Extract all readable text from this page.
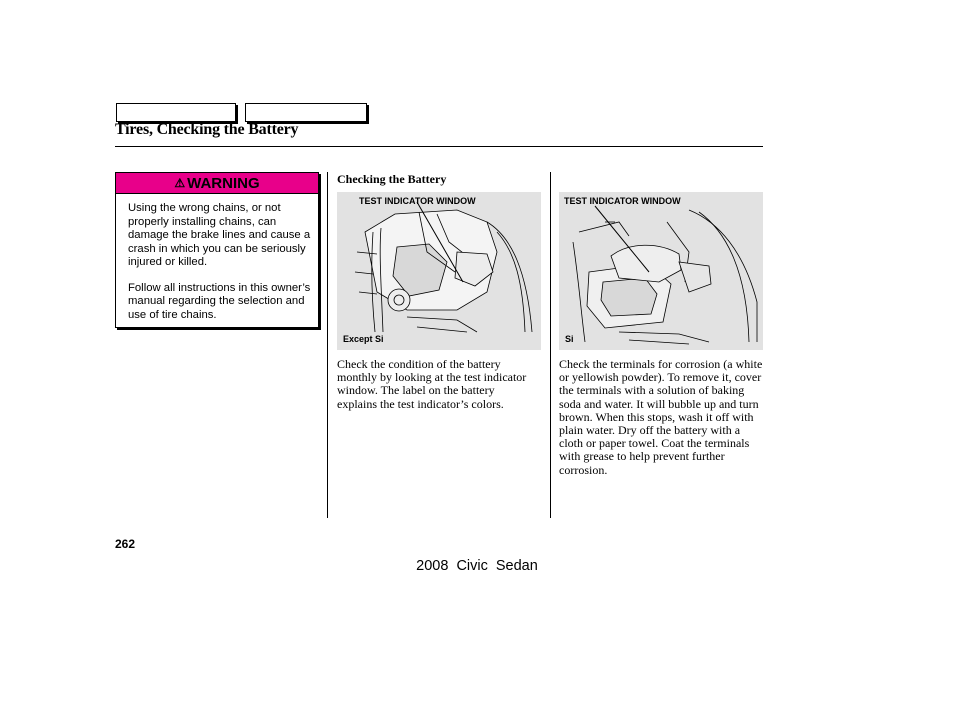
Tires, Checking the Battery
⚠ WARNING

Using the wrong chains, or not properly installing chains, can damage the brake lines and cause a crash in which you can be seriously injured or killed.

Follow all instructions in this owner’s manual regarding the selection and use of tire chains.

Checking the Battery
TEST INDICATOR WINDOW
Except Si
TEST INDICATOR WINDOW
Si
Check the condition of the battery monthly by looking at the test indicator window. The label on the battery explains the test indicator’s colors.
Check the terminals for corrosion (a white or yellowish powder). To remove it, cover the terminals with a solution of baking soda and water. It will bubble up and turn brown. When this stops, wash it off with plain water. Dry off the battery with a cloth or paper towel. Coat the terminals with grease to help prevent further corrosion.
262
2008 Civic Sedan
